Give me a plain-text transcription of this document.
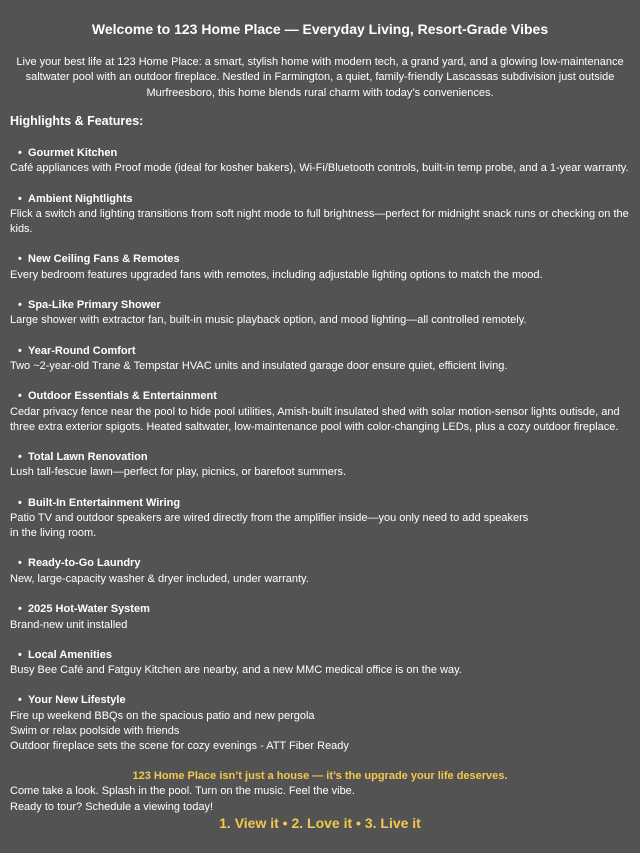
Welcome to 123 Home Place — Everyday Living, Resort-Grade Vibes
Live your best life at 123 Home Place: a smart, stylish home with modern tech, a grand yard, and a glowing low-maintenance saltwater pool with an outdoor fireplace. Nestled in Farmington, a quiet, family-friendly Lascassas subdivision just outside Murfreesboro, this home blends rural charm with today’s conveniences.
Highlights & Features:
• Gourmet Kitchen
Café appliances with Proof mode (ideal for kosher bakers), Wi-Fi/Bluetooth controls, built-in temp probe, and a 1-year warranty.
• Ambient Nightlights
Flick a switch and lighting transitions from soft night mode to full brightness—perfect for midnight snack runs or checking on the kids.
• New Ceiling Fans & Remotes
Every bedroom features upgraded fans with remotes, including adjustable lighting options to match the mood.
• Spa-Like Primary Shower
Large shower with extractor fan, built-in music playback option, and mood lighting—all controlled remotely.
• Year-Round Comfort
Two ~2-year-old Trane & Tempstar HVAC units and insulated garage door ensure quiet, efficient living.
• Outdoor Essentials & Entertainment
Cedar privacy fence near the pool to hide pool utilities, Amish-built insulated shed with solar motion-sensor lights outisde, and three extra exterior spigots. Heated saltwater, low-maintenance pool with color-changing LEDs, plus a cozy outdoor fireplace.
• Total Lawn Renovation
Lush tall-fescue lawn—perfect for play, picnics, or barefoot summers.
• Built-In Entertainment Wiring
Patio TV and outdoor speakers are wired directly from the amplifier inside—you only need to add speakers
in the living room.
• Ready-to-Go Laundry
New, large-capacity washer & dryer included, under warranty.
• 2025 Hot-Water System
Brand-new unit installed
• Local Amenities
Busy Bee Café and Fatguy Kitchen are nearby, and a new MMC medical office is on the way.
• Your New Lifestyle
Fire up weekend BBQs on the spacious patio and new pergola
Swim or relax poolside with friends
Outdoor fireplace sets the scene for cozy evenings - ATT Fiber Ready
123 Home Place isn’t just a house — it’s the upgrade your life deserves.
Come take a look. Splash in the pool. Turn on the music. Feel the vibe.
Ready to tour? Schedule a viewing today!
1. View it • 2. Love it • 3. Live it
